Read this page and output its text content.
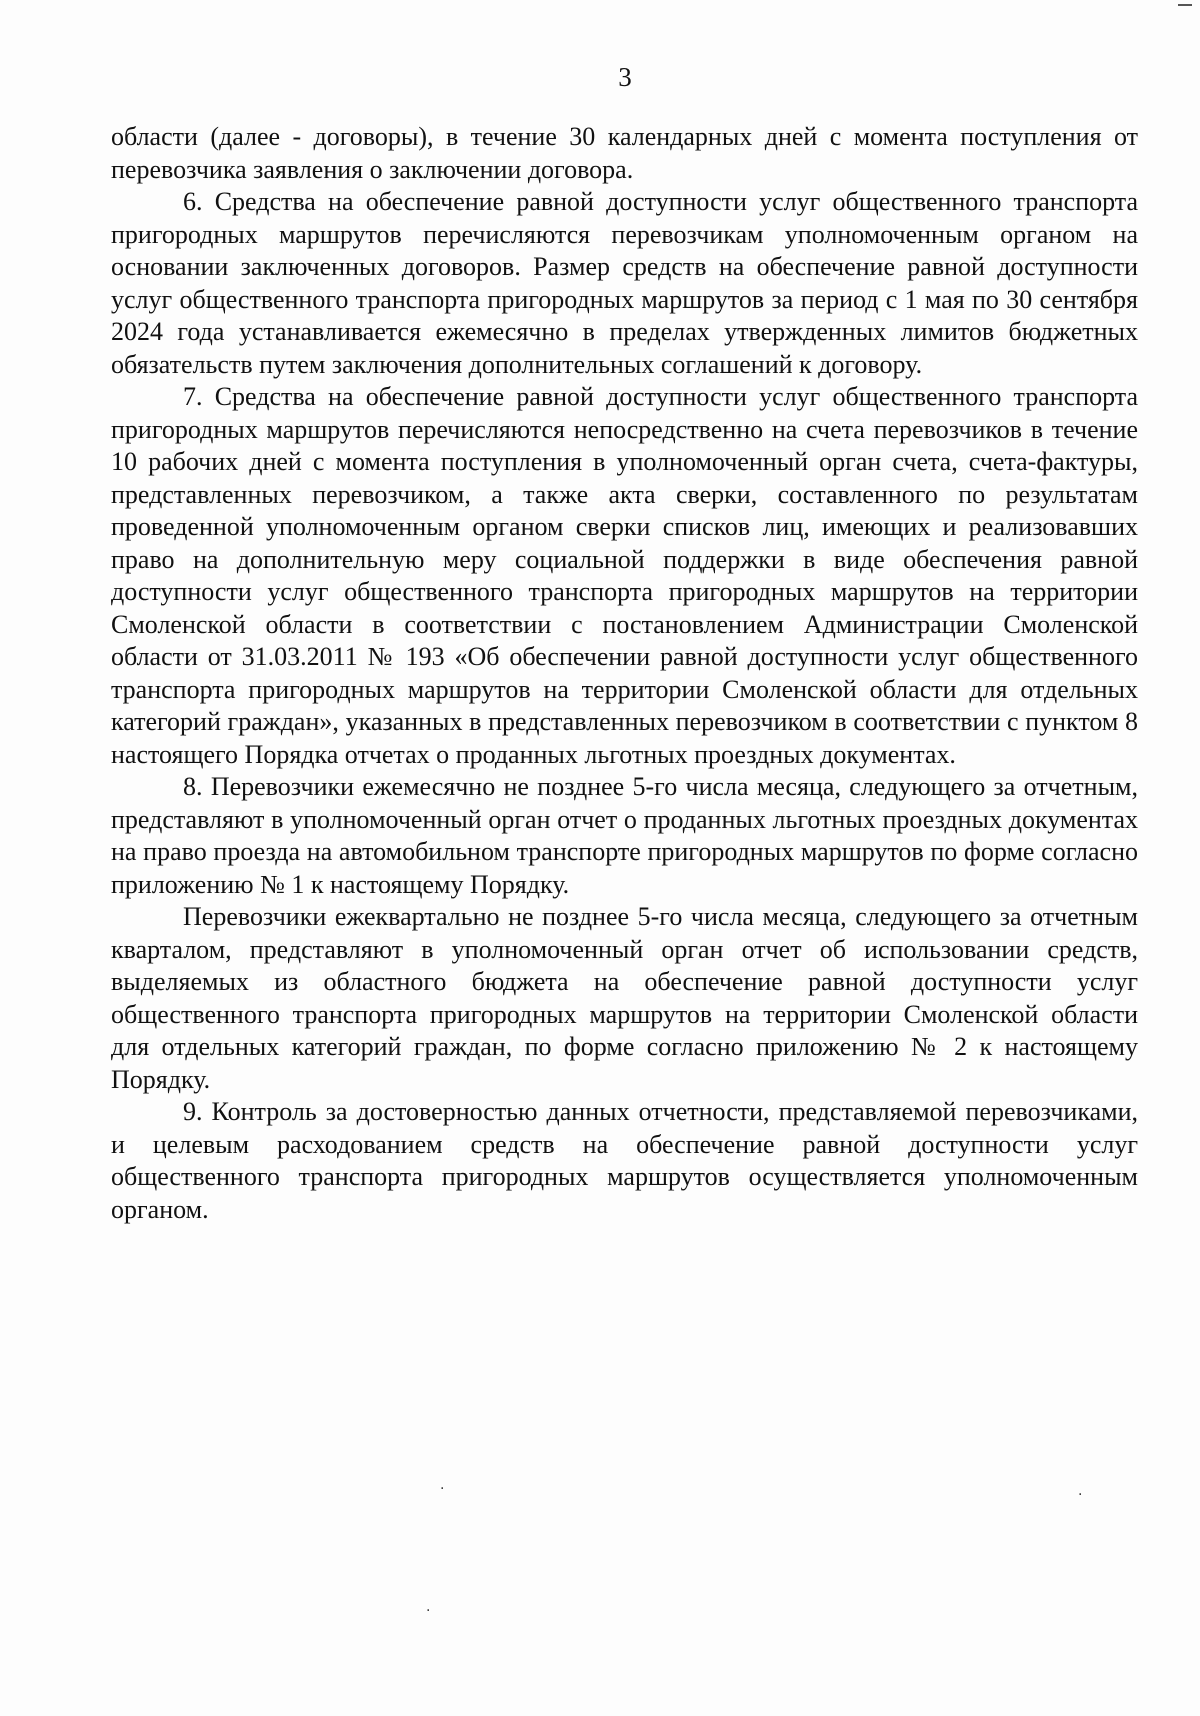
3

области (далее - договоры), в течение 30 календарных дней с момента поступления от перевозчика заявления о заключении договора.

6. Средства на обеспечение равной доступности услуг общественного транспорта пригородных маршрутов перечисляются перевозчикам уполномоченным органом на основании заключенных договоров. Размер средств на обеспечение равной доступности услуг общественного транспорта пригородных маршрутов за период с 1 мая по 30 сентября 2024 года устанавливается ежемесячно в пределах утвержденных лимитов бюджетных обязательств путем заключения дополнительных соглашений к договору.

7. Средства на обеспечение равной доступности услуг общественного транспорта пригородных маршрутов перечисляются непосредственно на счета перевозчиков в течение 10 рабочих дней с момента поступления в уполномоченный орган счета, счета-фактуры, представленных перевозчиком, а также акта сверки, составленного по результатам проведенной уполномоченным органом сверки списков лиц, имеющих и реализовавших право на дополнительную меру социальной поддержки в виде обеспечения равной доступности услуг общественного транспорта пригородных маршрутов на территории Смоленской области в соответствии с постановлением Администрации Смоленской области от 31.03.2011 № 193 «Об обеспечении равной доступности услуг общественного транспорта пригородных маршрутов на территории Смоленской области для отдельных категорий граждан», указанных в представленных перевозчиком в соответствии с пунктом 8 настоящего Порядка отчетах о проданных льготных проездных документах.

8. Перевозчики ежемесячно не позднее 5-го числа месяца, следующего за отчетным, представляют в уполномоченный орган отчет о проданных льготных проездных документах на право проезда на автомобильном транспорте пригородных маршрутов по форме согласно приложению № 1 к настоящему Порядку.

Перевозчики ежеквартально не позднее 5-го числа месяца, следующего за отчетным кварталом, представляют в уполномоченный орган отчет об использовании средств, выделяемых из областного бюджета на обеспечение равной доступности услуг общественного транспорта пригородных маршрутов на территории Смоленской области для отдельных категорий граждан, по форме согласно приложению № 2 к настоящему Порядку.

9. Контроль за достоверностью данных отчетности, представляемой перевозчиками, и целевым расходованием средств на обеспечение равной доступности услуг общественного транспорта пригородных маршрутов осуществляется уполномоченным органом.

·	·
·
